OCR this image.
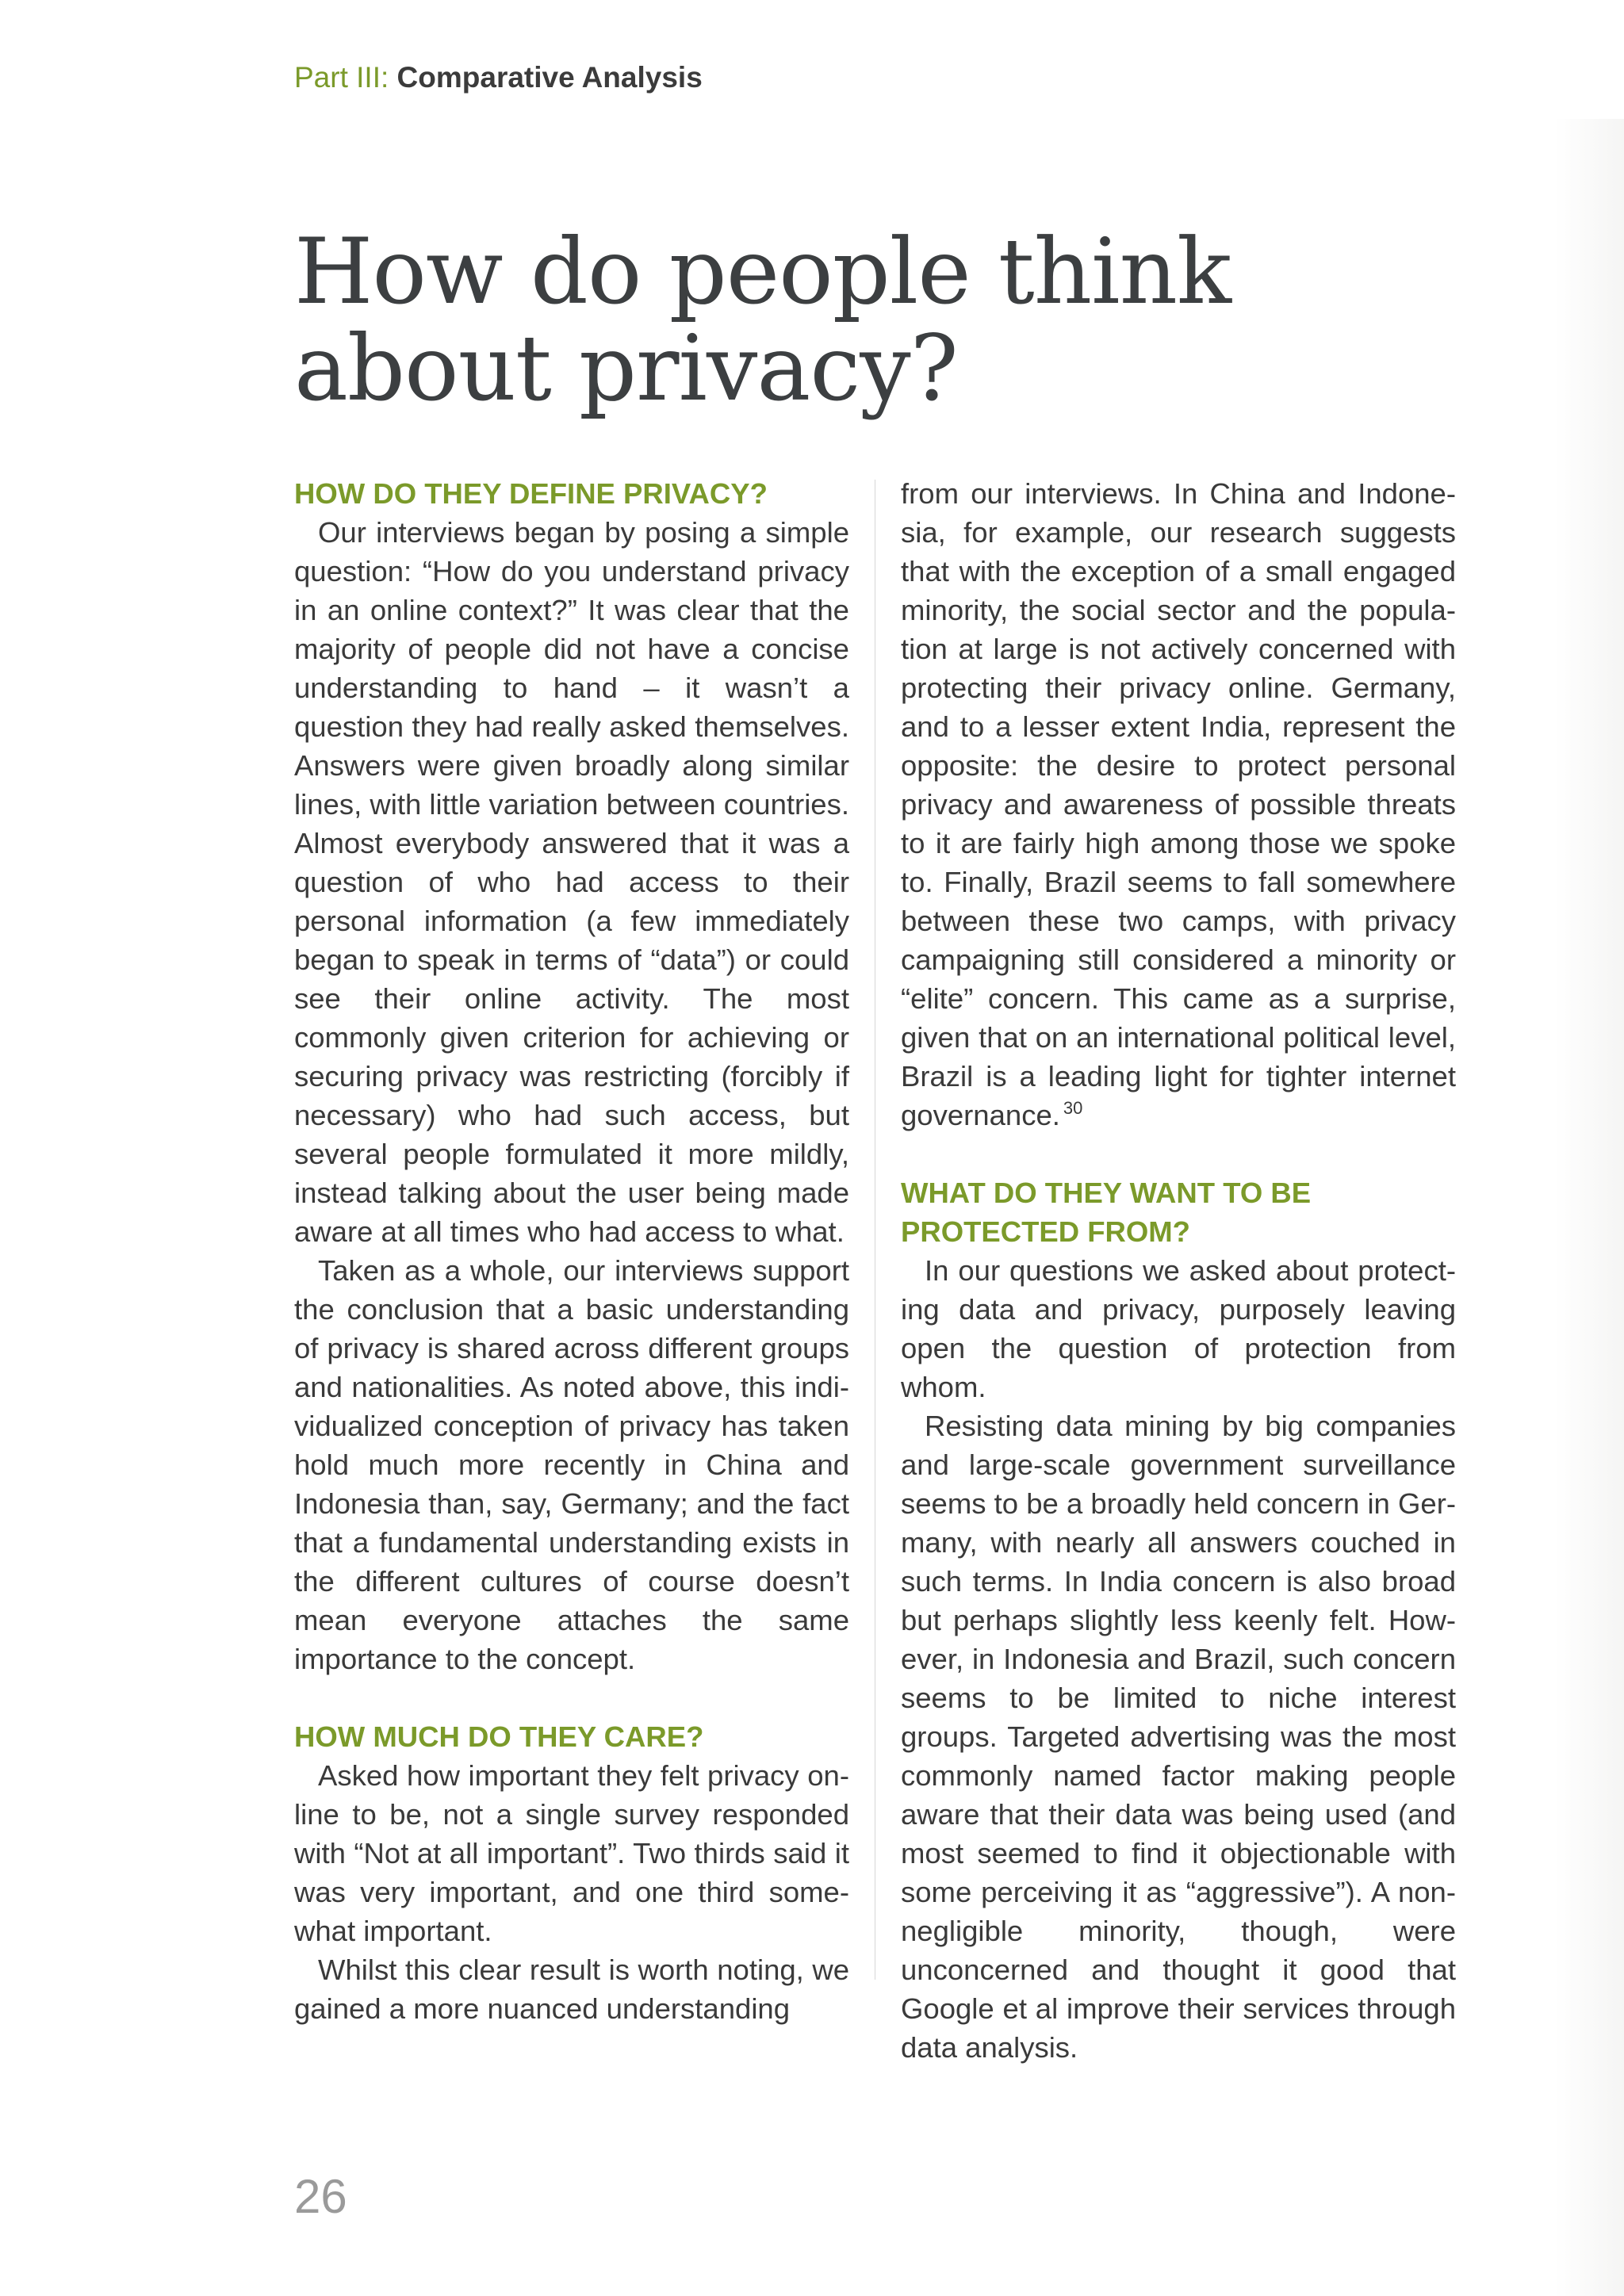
Part III: Comparative Analysis
How do people think
about privacy?
HOW DO THEY DEFINE PRIVACY?

Our interviews began by posing a simple question: “How do you understand privacy in an online context?” It was clear that the majority of people did not have a concise understanding to hand – it wasn’t a question they had really asked themselves. Answers were given broadly along similar lines, with little variation between countries. Almost everybody answered that it was a question of who had access to their personal information (a few immediately began to speak in terms of “data”) or could see their online activity. The most commonly given criterion for achieving or securing privacy was restricting (forcibly if necessary) who had such access, but several people formulated it more mildly, instead talking about the user being made aware at all times who had access to what.

Taken as a whole, our interviews support the conclusion that a basic understanding of privacy is shared across different groups and nationalities. As noted above, this individualized conception of privacy has taken hold much more recently in China and Indonesia than, say, Germany; and the fact that a fundamental understanding exists in the different cultures of course doesn’t mean everyone attaches the same importance to the concept.

HOW MUCH DO THEY CARE?

Asked how important they felt privacy online to be, not a single survey responded with “Not at all important”. Two thirds said it was very important, and one third somewhat important.

Whilst this clear result is worth noting, we gained a more nuanced understanding

from our interviews. In China and Indonesia, for example, our research suggests that with the exception of a small engaged minority, the social sector and the population at large is not actively concerned with protecting their privacy online. Germany, and to a lesser extent India, represent the opposite: the desire to protect personal privacy and awareness of possible threats to it are fairly high among those we spoke to. Finally, Brazil seems to fall somewhere between these two camps, with privacy campaigning still considered a minority or “elite” concern. This came as a surprise, given that on an international political level, Brazil is a leading light for tighter internet governance. $^{30}$

WHAT DO THEY WANT TO BE PROTECTED FROM?

In our questions we asked about protecting data and privacy, purposely leaving open the question of protection from whom.

Resisting data mining by big companies and large-scale government surveillance seems to be a broadly held concern in Germany, with nearly all answers couched in such terms. In India concern is also broad but perhaps slightly less keenly felt. However, in Indonesia and Brazil, such concern seems to be limited to niche interest groups. Targeted advertising was the most commonly named factor making people aware that their data was being used (and most seemed to find it objectionable with some perceiving it as “aggressive”). A non-negligible minority, though, were unconcerned and thought it good that Google et al improve their services through data analysis.

26
